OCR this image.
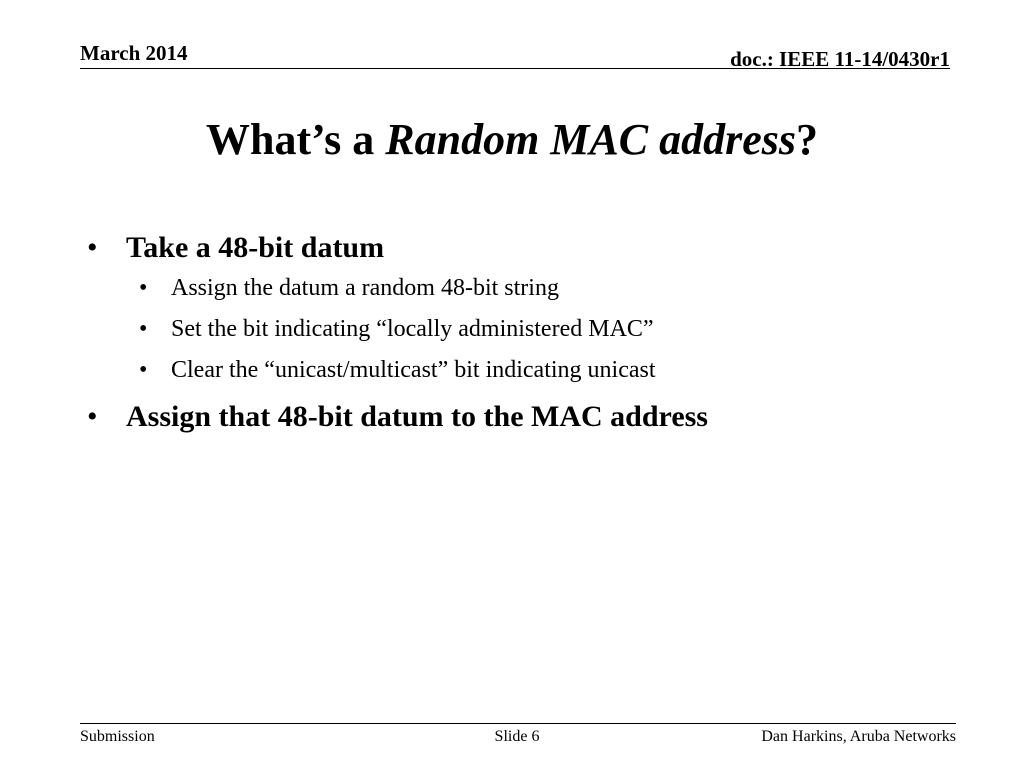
March 2014	doc.: IEEE 11-14/0430r1
What’s a Random MAC address?
• Take a 48-bit datum
• Assign the datum a random 48-bit string
• Set the bit indicating “locally administered MAC”
• Clear the “unicast/multicast” bit indicating unicast
• Assign that 48-bit datum to the MAC address
Submission	Slide 6	Dan Harkins, Aruba Networks
